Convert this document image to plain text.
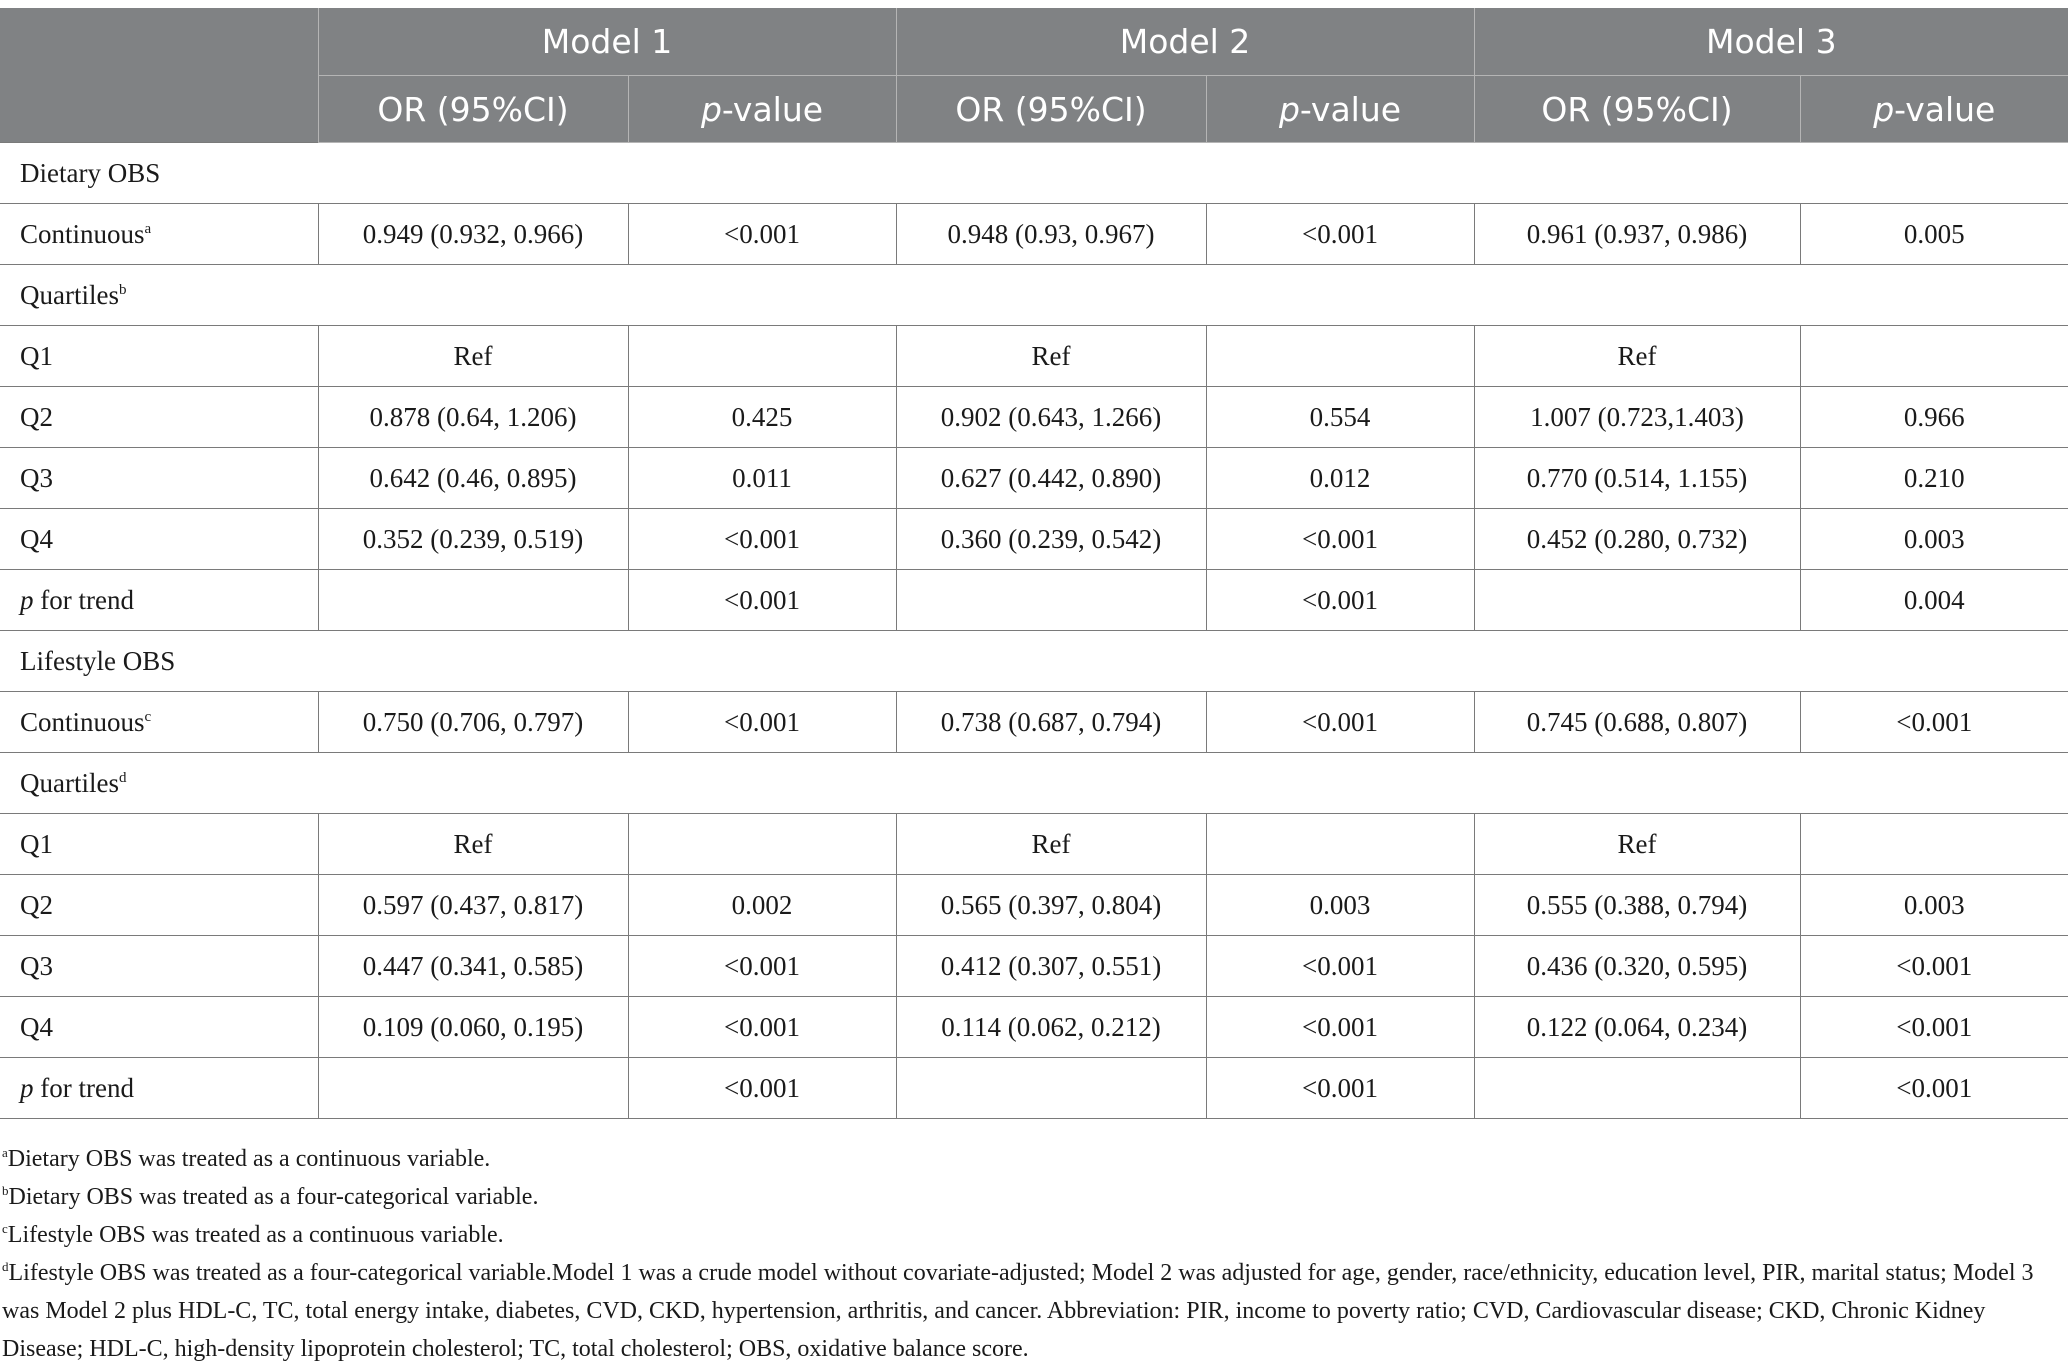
	Model 1		Model 2		Model 3	
	OR (95%CI)	p-value	OR (95%CI)	p-value	OR (95%CI)	p-value
Dietary OBS						
Continuous$^a$	0.949 (0.932, 0.966)	<0.001	0.948 (0.93, 0.967)	<0.001	0.961 (0.937, 0.986)	0.005
Quartiles$^b$
Q1	Ref		Ref		Ref	
Q2	0.878 (0.64, 1.206)	0.425	0.902 (0.643, 1.266)	0.554	1.007 (0.723,1.403)	0.966
Q3	0.642 (0.46, 0.895)	0.011	0.627 (0.442, 0.890)	0.012	0.770 (0.514, 1.155)	0.210
Q4	0.352 (0.239, 0.519)	<0.001	0.360 (0.239, 0.542)	<0.001	0.452 (0.280, 0.732)	0.003
p for trend		<0.001		<0.001		0.004
Lifestyle OBS						
Continuous$^c$	0.750 (0.706, 0.797)	<0.001	0.738 (0.687, 0.794)	<0.001	0.745 (0.688, 0.807)	<0.001
Quartiles$^d$
Q1	Ref		Ref		Ref	
Q2	0.597 (0.437, 0.817)	0.002	0.565 (0.397, 0.804)	0.003	0.555 (0.388, 0.794)	0.003
Q3	0.447 (0.341, 0.585)	<0.001	0.412 (0.307, 0.551)	<0.001	0.436 (0.320, 0.595)	<0.001
Q4	0.109 (0.060, 0.195)	<0.001	0.114 (0.062, 0.212)	<0.001	0.122 (0.064, 0.234)	<0.001
p for trend		<0.001		<0.001		<0.001

$^a$Dietary OBS was treated as a continuous variable.

$^b$Dietary OBS was treated as a four-categorical variable.

$^c$Lifestyle OBS was treated as a continuous variable.

$^d$Lifestyle OBS was treated as a four-categorical variable.Model 1 was a crude model without covariate-adjusted; Model 2 was adjusted for age, gender, race/ethnicity, education level, PIR, marital status; Model 3 was Model 2 plus HDL-C, TC, total energy intake, diabetes, CVD, CKD, hypertension, arthritis, and cancer. Abbreviation: PIR, income to poverty ratio; CVD, Cardiovascular disease; CKD, Chronic Kidney Disease; HDL-C, high-density lipoprotein cholesterol; TC, total cholesterol; OBS, oxidative balance score.
